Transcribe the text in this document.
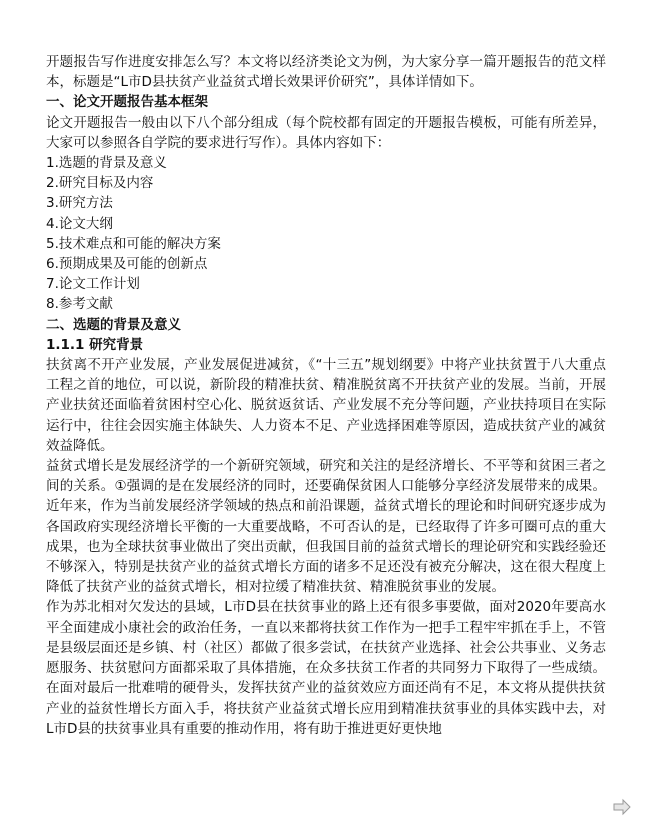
开题报告写作进度安排怎么写？本文将以经济类论文为例，为大家分享一篇开题报告的范文样本，标题是“L市D县扶贫产业益贫式增长效果评价研究”，具体详情如下。

一、论文开题报告基本框架

论文开题报告一般由以下八个部分组成（每个院校都有固定的开题报告模板，可能有所差异，大家可以参照各自学院的要求进行写作）。具体内容如下：

1.选题的背景及意义

2.研究目标及内容

3.研究方法

4.论文大纲

5.技术难点和可能的解决方案

6.预期成果及可能的创新点

7.论文工作计划

8.参考文献

二、选题的背景及意义

1.1.1 研究背景

扶贫离不开产业发展，产业发展促进减贫，《“十三五”规划纲要》中将产业扶贫置于八大重点工程之首的地位，可以说，新阶段的精准扶贫、精准脱贫离不开扶贫产业的发展。当前，开展产业扶贫还面临着贫困村空心化、脱贫返贫话、产业发展不充分等问题，产业扶持项目在实际运行中，往往会因实施主体缺失、人力资本不足、产业选择困难等原因，造成扶贫产业的减贫效益降低。

益贫式增长是发展经济学的一个新研究领域，研究和关注的是经济增长、不平等和贫困三者之间的关系。①强调的是在发展经济的同时，还要确保贫困人口能够分享经济发展带来的成果。近年来，作为当前发展经济学领域的热点和前沿课题，益贫式增长的理论和时间研究逐步成为各国政府实现经济增长平衡的一大重要战略，不可否认的是，已经取得了许多可圈可点的重大成果，也为全球扶贫事业做出了突出贡献，但我国目前的益贫式增长的理论研究和实践经验还不够深入，特别是扶贫产业的益贫式增长方面的诸多不足还没有被充分解决，这在很大程度上降低了扶贫产业的益贫式增长，相对拉缓了精准扶贫、精准脱贫事业的发展。

作为苏北相对欠发达的县域，L市D县在扶贫事业的路上还有很多事要做，面对2020年要高水平全面建成小康社会的政治任务，一直以来都将扶贫工作作为一把手工程牢牢抓在手上，不管是县级层面还是乡镇、村（社区）都做了很多尝试，在扶贫产业选择、社会公共事业、义务志愿服务、扶贫慰问方面都采取了具体措施，在众多扶贫工作者的共同努力下取得了一些成绩。在面对最后一批难啃的硬骨头，发挥扶贫产业的益贫效应方面还尚有不足，本文将从提供扶贫产业的益贫性增长方面入手，将扶贫产业益贫式增长应用到精准扶贫事业的具体实践中去，对L市D县的扶贫事业具有重要的推动作用，将有助于推进更好更快地
